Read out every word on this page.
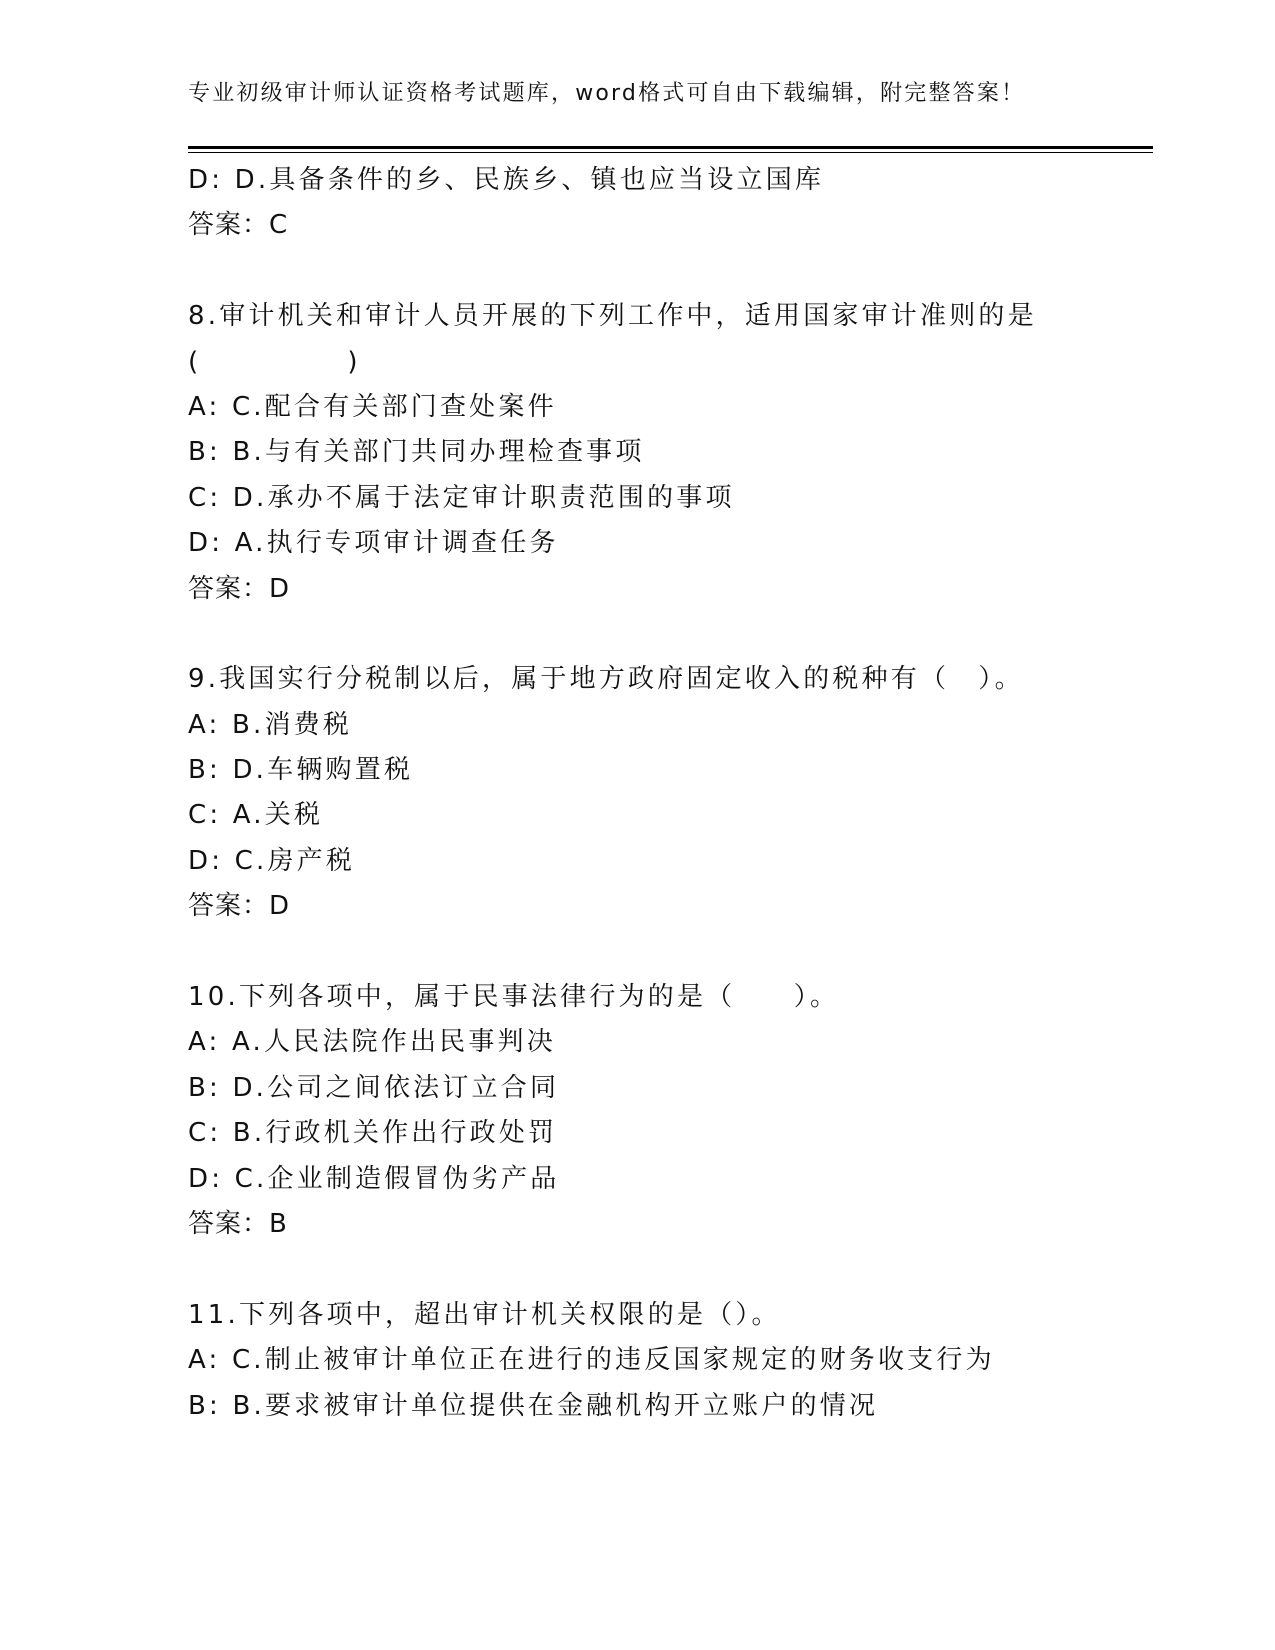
专业初级审计师认证资格考试题库，word格式可自由下载编辑，附完整答案！
D: D.具备条件的乡、民族乡、镇也应当设立国库
答案：C
8.审计机关和审计人员开展的下列工作中，适用国家审计准则的是
(　　　　　)
A: C.配合有关部门查处案件
B: B.与有关部门共同办理检查事项
C: D.承办不属于法定审计职责范围的事项
D: A.执行专项审计调查任务
答案：D
9.我国实行分税制以后，属于地方政府固定收入的税种有（　）。
A: B.消费税
B: D.车辆购置税
C: A.关税
D: C.房产税
答案：D
10.下列各项中，属于民事法律行为的是（　　）。
A: A.人民法院作出民事判决
B: D.公司之间依法订立合同
C: B.行政机关作出行政处罚
D: C.企业制造假冒伪劣产品
答案：B
11.下列各项中，超出审计机关权限的是（）。
A: C.制止被审计单位正在进行的违反国家规定的财务收支行为
B: B.要求被审计单位提供在金融机构开立账户的情况
